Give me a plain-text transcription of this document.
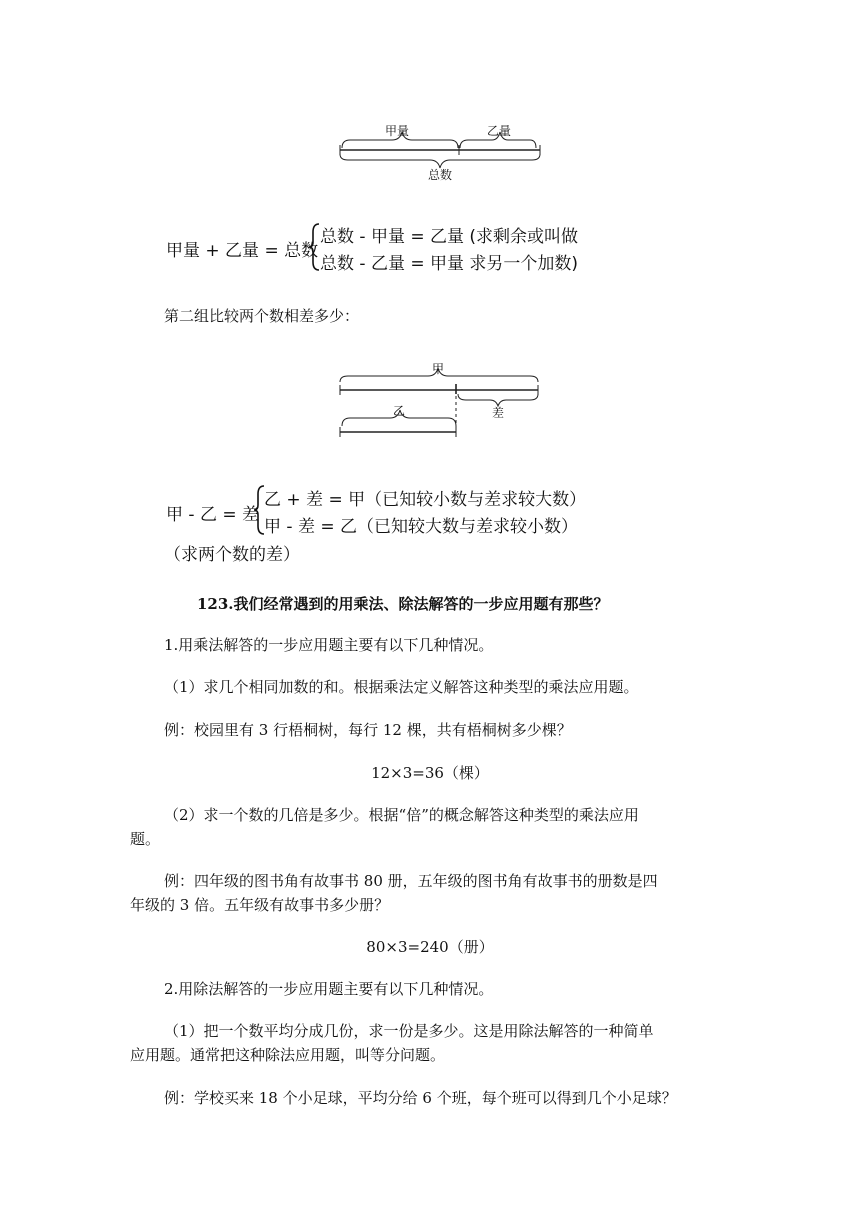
甲量	乙量
总数
甲量 + 乙量 = 总数
总数 - 甲量 = 乙量 (求剩余或叫做
总数 - 乙量 = 甲量 求另一个加数)
第二组比较两个数相差多少：
甲
乙	差
甲 - 乙 = 差
乙 + 差 = 甲（已知较小数与差求较大数）
甲 - 差 = 乙（已知较大数与差求较小数）
（求两个数的差）
123.我们经常遇到的用乘法、除法解答的一步应用题有那些？
1.用乘法解答的一步应用题主要有以下几种情况。
（1）求几个相同加数的和。根据乘法定义解答这种类型的乘法应用题。
例：校园里有 3 行梧桐树，每行 12 棵，共有梧桐树多少棵？
12×3=36（棵）
（2）求一个数的几倍是多少。根据“倍”的概念解答这种类型的乘法应用
题。
例：四年级的图书角有故事书 80 册，五年级的图书角有故事书的册数是四
年级的 3 倍。五年级有故事书多少册？
80×3=240（册）
2.用除法解答的一步应用题主要有以下几种情况。
（1）把一个数平均分成几份，求一份是多少。这是用除法解答的一种简单
应用题。通常把这种除法应用题，叫等分问题。
例：学校买来 18 个小足球，平均分给 6 个班，每个班可以得到几个小足球？
